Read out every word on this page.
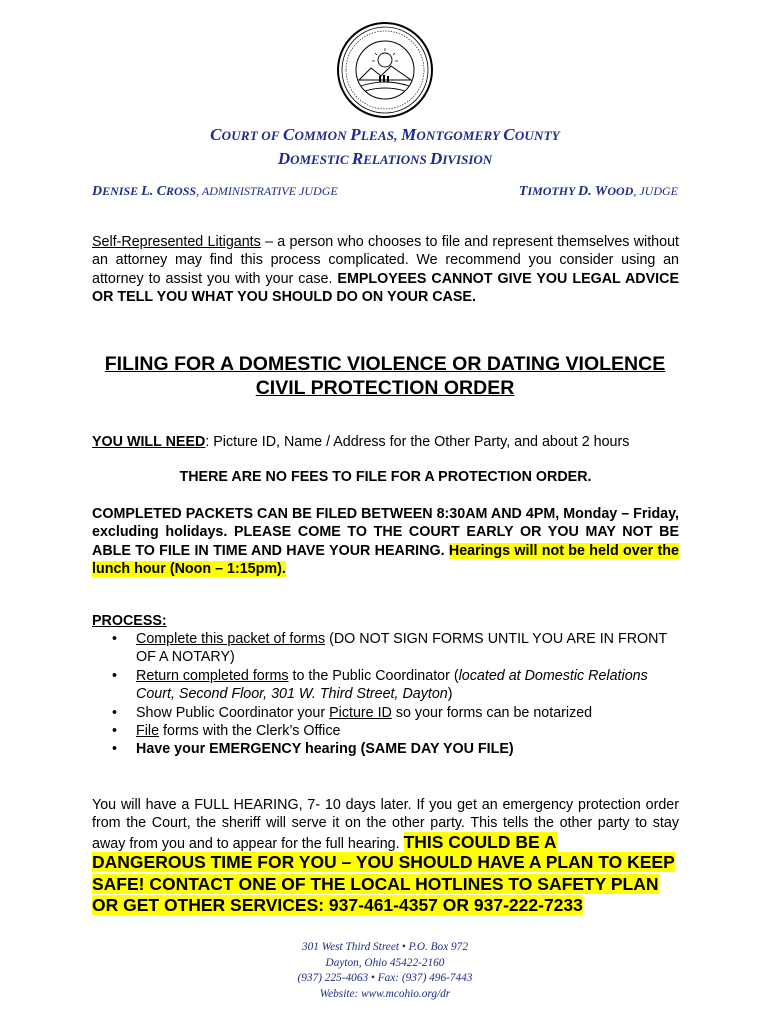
COURT OF COMMON PLEAS, MONTGOMERY COUNTY
DOMESTIC RELATIONS DIVISION
DENISE L. CROSS, ADMINISTRATIVE JUDGE	TIMOTHY D. WOOD, JUDGE
Self-Represented Litigants – a person who chooses to file and represent themselves without an attorney may find this process complicated. We recommend you consider using an attorney to assist you with your case. EMPLOYEES CANNOT GIVE YOU LEGAL ADVICE OR TELL YOU WHAT YOU SHOULD DO ON YOUR CASE.
FILING FOR A DOMESTIC VIOLENCE OR DATING VIOLENCE
CIVIL PROTECTION ORDER
YOU WILL NEED: Picture ID, Name / Address for the Other Party, and about 2 hours
THERE ARE NO FEES TO FILE FOR A PROTECTION ORDER.
COMPLETED PACKETS CAN BE FILED BETWEEN 8:30AM AND 4PM, Monday – Friday, excluding holidays. PLEASE COME TO THE COURT EARLY OR YOU MAY NOT BE ABLE TO FILE IN TIME AND HAVE YOUR HEARING. Hearings will not be held over the lunch hour (Noon – 1:15pm).
PROCESS:
• Complete this packet of forms (DO NOT SIGN FORMS UNTIL YOU ARE IN FRONT OF A NOTARY)
• Return completed forms to the Public Coordinator (located at Domestic Relations Court, Second Floor, 301 W. Third Street, Dayton)
• Show Public Coordinator your Picture ID so your forms can be notarized
• File forms with the Clerk’s Office
• Have your EMERGENCY hearing (SAME DAY YOU FILE)
You will have a FULL HEARING, 7- 10 days later. If you get an emergency protection order from the Court, the sheriff will serve it on the other party. This tells the other party to stay away from you and to appear for the full hearing. THIS COULD BE A
DANGEROUS TIME FOR YOU – YOU SHOULD HAVE A PLAN TO KEEP
SAFE! CONTACT ONE OF THE LOCAL HOTLINES TO SAFETY PLAN
OR GET OTHER SERVICES: 937-461-4357 OR 937-222-7233
301 West Third Street • P.O. Box 972
Dayton, Ohio 45422-2160
(937) 225-4063 • Fax: (937) 496-7443
Website: www.mcohio.org/dr
